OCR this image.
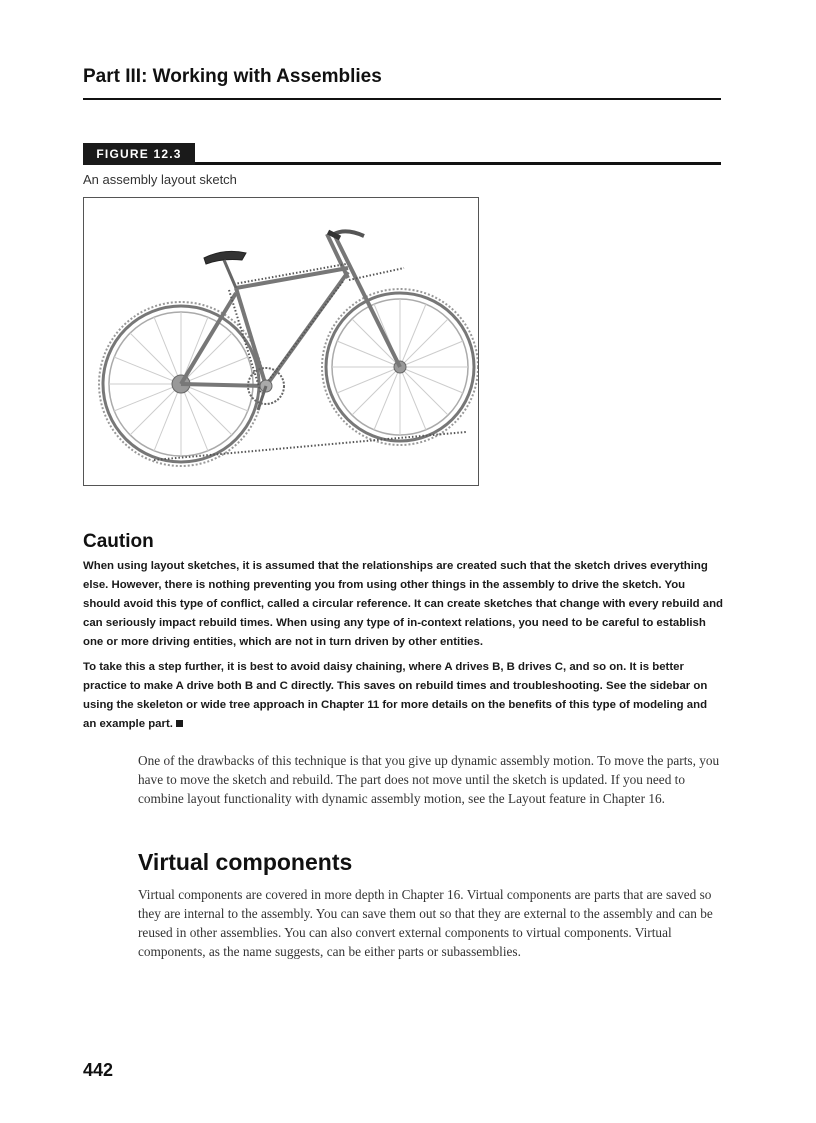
Part III: Working with Assemblies
FIGURE 12.3
An assembly layout sketch
Caution

When using layout sketches, it is assumed that the relationships are created such that the sketch drives everything else. However, there is nothing preventing you from using other things in the assembly to drive the sketch. You should avoid this type of conflict, called a circular reference. It can create sketches that change with every rebuild and can seriously impact rebuild times. When using any type of in-context relations, you need to be careful to establish one or more driving entities, which are not in turn driven by other entities.

To take this a step further, it is best to avoid daisy chaining, where A drives B, B drives C, and so on. It is better practice to make A drive both B and C directly. This saves on rebuild times and troubleshooting. See the sidebar on using the skeleton or wide tree approach in Chapter 11 for more details on the benefits of this type of modeling and an example part.

One of the drawbacks of this technique is that you give up dynamic assembly motion. To move the parts, you have to move the sketch and rebuild. The part does not move until the sketch is updated. If you need to combine layout functionality with dynamic assembly motion, see the Layout feature in Chapter 16.

Virtual components

Virtual components are covered in more depth in Chapter 16. Virtual components are parts that are saved so they are internal to the assembly. You can save them out so that they are external to the assembly and can be reused in other assemblies. You can also convert external components to virtual components. Virtual components, as the name suggests, can be either parts or subassemblies.

442
